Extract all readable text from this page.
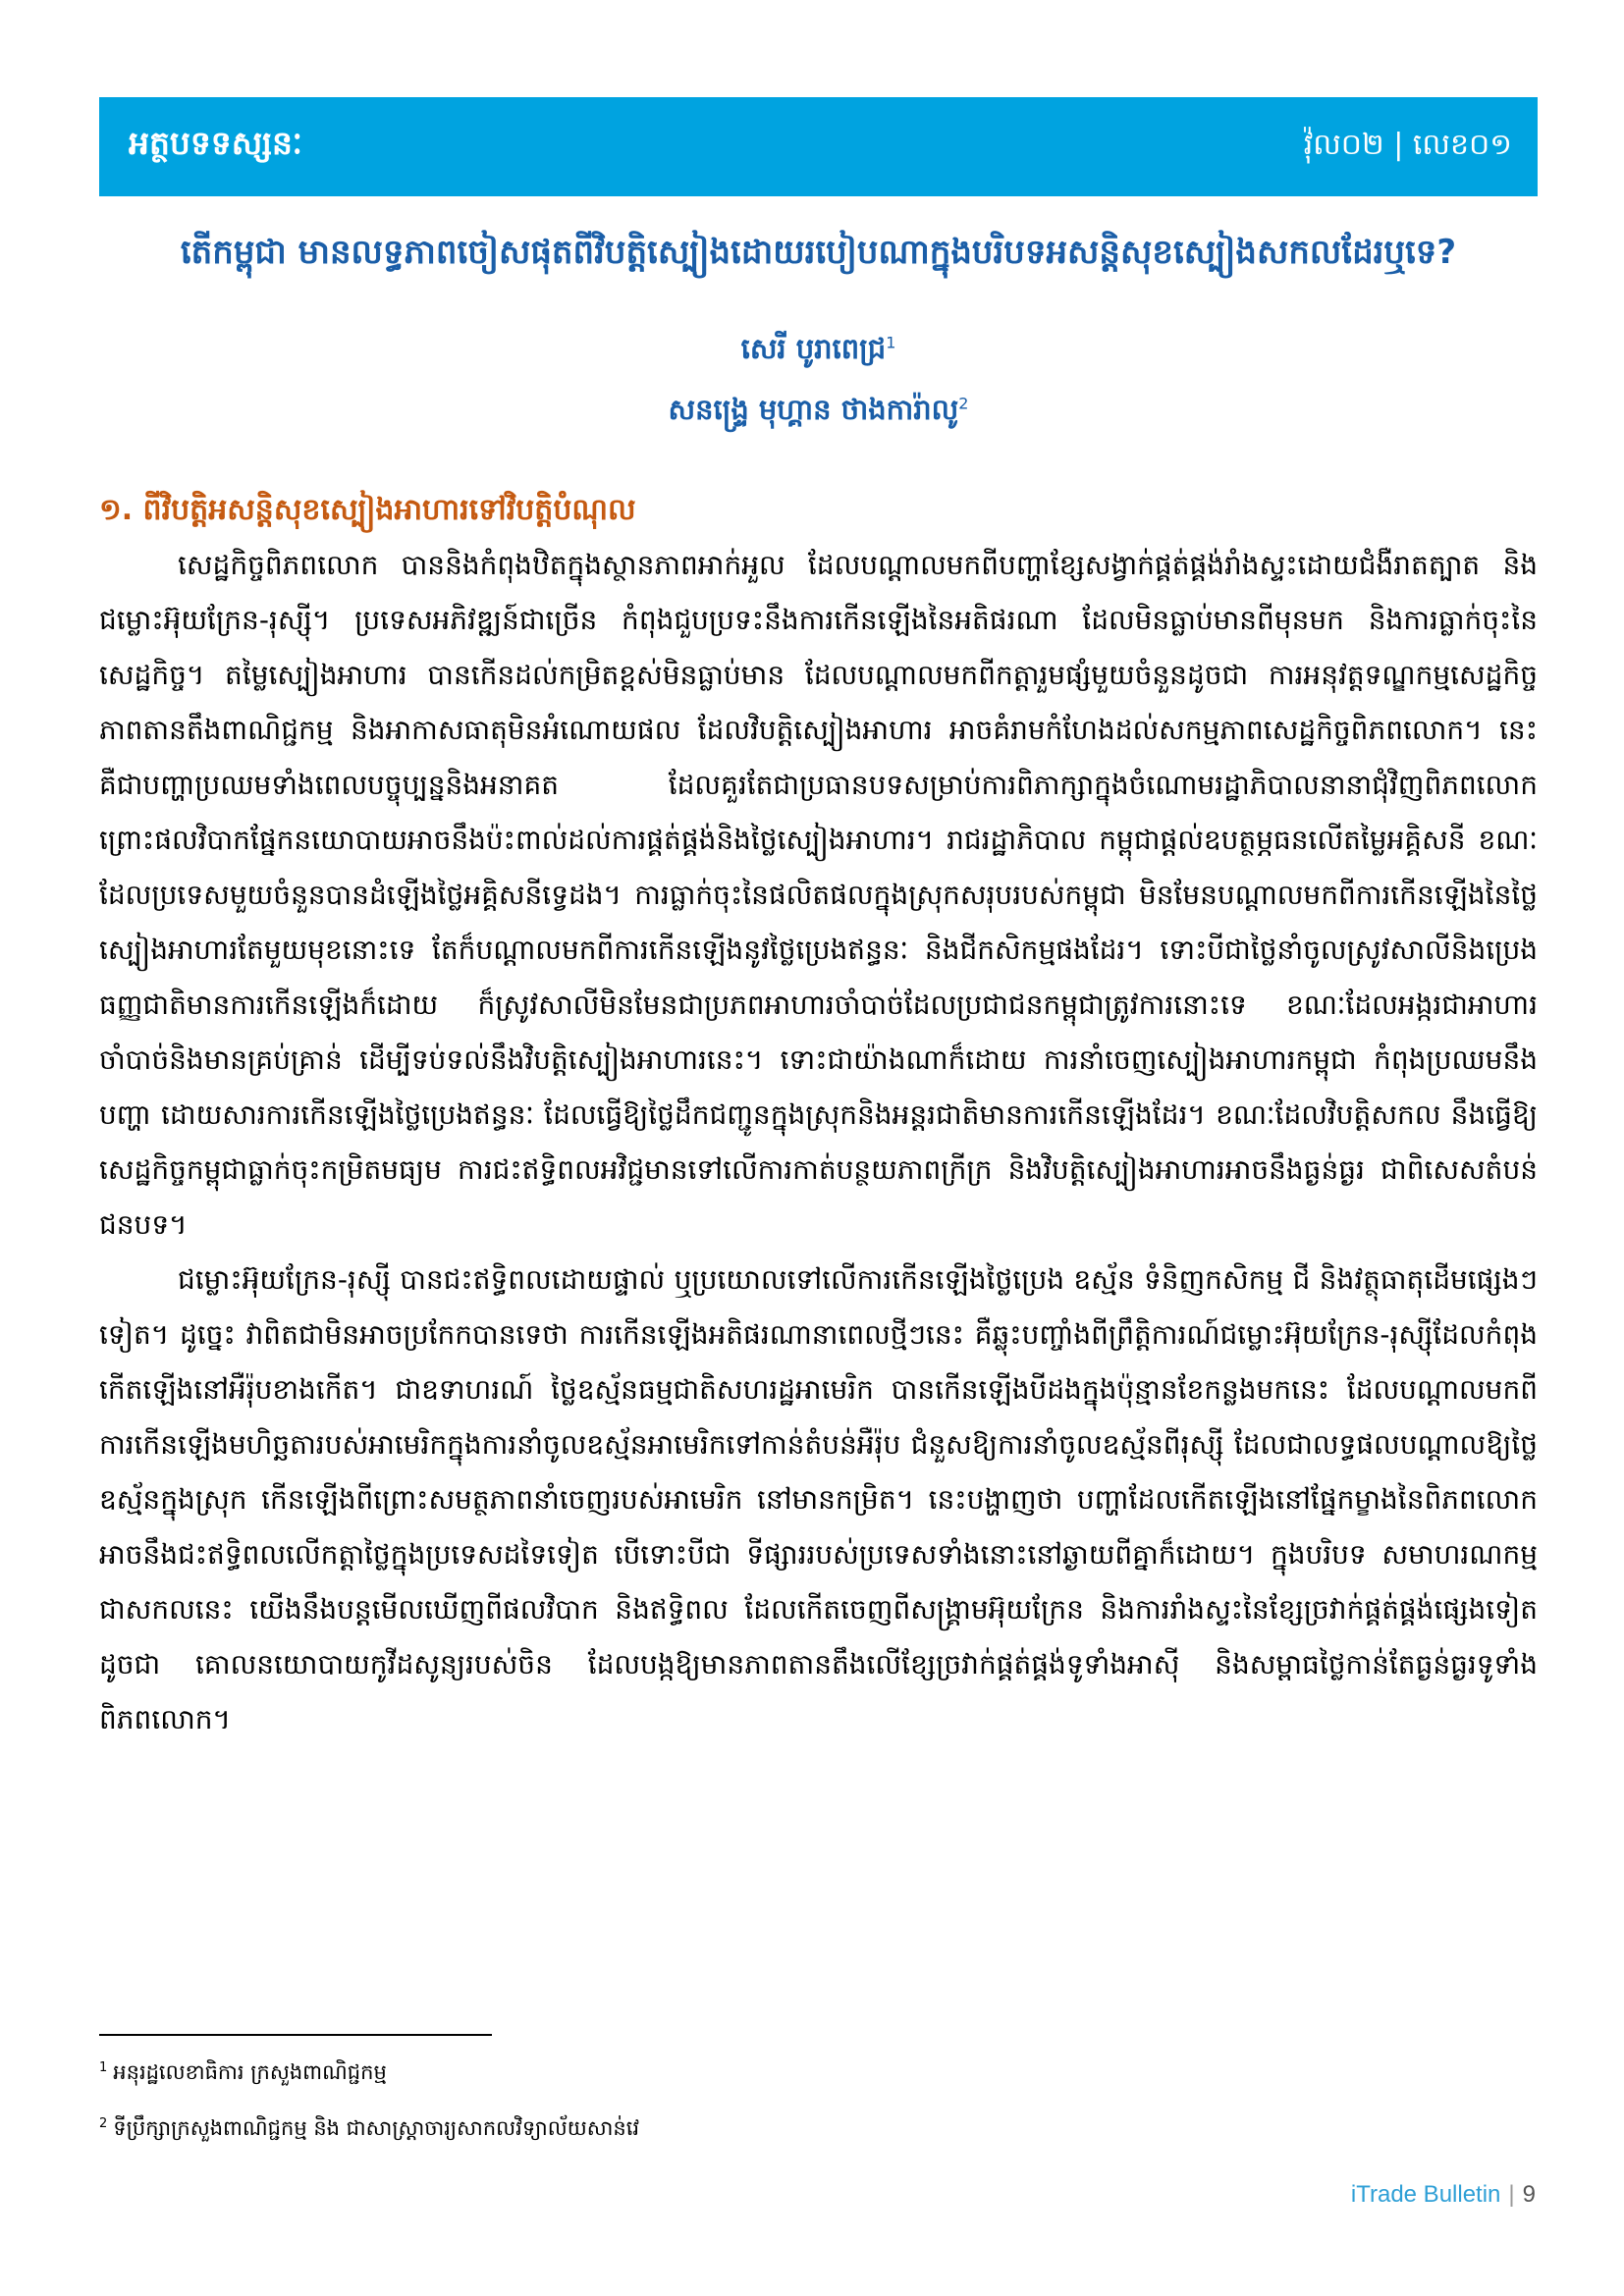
អត្ថបទទស្សនៈ	វ៉ុល០២ | លេខ០១
តើកម្ពុជា មានលទ្ធភាពចៀសផុតពីវិបត្តិស្បៀងដោយរបៀបណាក្នុងបរិបទអសន្តិសុខស្បៀងសកលដែរឬទេ?
សេរី បូរាពេជ្រ$^1$
សនង្រ្ទេ មុហ្គាន ថាងការ៉ាលូ$^2$
១. ពីវិបត្តិអសន្តិសុខស្បៀងអាហារទៅវិបត្តិបំណុល

សេដ្ឋកិច្ចពិភពលោក បាននិងកំពុងឋិតក្នុងស្ថានភាពអាក់អួល ដែលបណ្ដាលមកពីបញ្ហាខ្សែសង្វាក់ផ្គត់ផ្គង់រាំងស្ទះដោយជំងឺរាតត្បាត និងជម្លោះអ៊ុយក្រែន-រុស្ស៊ី។ ប្រទេសអភិវឌ្ឍន៍ជាច្រើន កំពុងជួបប្រទះនឹងការកើនឡើងនៃអតិផរណា ដែលមិនធ្លាប់មានពីមុនមក និងការធ្លាក់ចុះនៃសេដ្ឋកិច្ច។ តម្លៃស្បៀងអាហារ បានកើនដល់កម្រិតខ្ពស់មិនធ្លាប់មាន ដែលបណ្ដាលមកពីកត្តារួមផ្សំមួយចំនួនដូចជា ការអនុវត្តទណ្ឌកម្មសេដ្ឋកិច្ច ភាពតានតឹងពាណិជ្ជកម្ម និងអាកាសធាតុមិនអំណោយផល ដែលវិបត្តិស្បៀងអាហារ អាចគំរាមកំហែងដល់សកម្មភាពសេដ្ឋកិច្ចពិភពលោក។ នេះគឺជាបញ្ហាប្រឈមទាំងពេលបច្ចុប្បន្ននិងអនាគត ដែលគួរតែជាប្រធានបទសម្រាប់ការពិភាក្សាក្នុងចំណោមរដ្ឋាភិបាលនានាជុំវិញពិភពលោក ព្រោះផលវិបាកផ្នែកនយោបាយអាចនឹងប៉ះពាល់ដល់ការផ្គត់ផ្គង់និងថ្លៃស្បៀងអាហារ។ រាជរដ្ឋាភិបាល កម្ពុជាផ្ដល់ឧបត្ថម្ភធនលើតម្លៃអគ្គិសនី ខណៈដែលប្រទេសមួយចំនួនបានដំឡើងថ្លៃអគ្គិសនីទ្វេដង។ ការធ្លាក់ចុះនៃផលិតផលក្នុងស្រុកសរុបរបស់កម្ពុជា មិនមែនបណ្ដាលមកពីការកើនឡើងនៃថ្លៃស្បៀងអាហារតែមួយមុខនោះទេ តែក៏បណ្ដាលមកពីការកើនឡើងនូវថ្លៃប្រេងឥន្ធនៈ និងជីកសិកម្មផងដែរ។ ទោះបីជាថ្លៃនាំចូលស្រូវសាលីនិងប្រេងធញ្ញជាតិមានការកើនឡើងក៏ដោយ ក៏ស្រូវសាលីមិនមែនជាប្រភពអាហារចាំបាច់ដែលប្រជាជនកម្ពុជាត្រូវការនោះទេ ខណៈដែលអង្ករជាអាហារចាំបាច់និងមានគ្រប់គ្រាន់ ដើម្បីទប់ទល់នឹងវិបត្តិស្បៀងអាហារនេះ។ ទោះជាយ៉ាងណាក៏ដោយ ការនាំចេញស្បៀងអាហារកម្ពុជា កំពុងប្រឈមនឹងបញ្ហា ដោយសារការកើនឡើងថ្លៃប្រេងឥន្ធនៈ ដែលធ្វើឱ្យថ្លៃដឹកជញ្ជូនក្នុងស្រុកនិងអន្តរជាតិមានការកើនឡើងដែរ។ ខណៈដែលវិបត្តិសកល នឹងធ្វើឱ្យសេដ្ឋកិច្ចកម្ពុជាធ្លាក់ចុះកម្រិតមធ្យម ការជះឥទ្ធិពលអវិជ្ជមានទៅលើការកាត់បន្ថយភាពក្រីក្រ និងវិបត្តិស្បៀងអាហារអាចនឹងធ្ងន់ធ្ងរ ជាពិសេសតំបន់ជនបទ។

ជម្លោះអ៊ុយក្រែន-រុស្ស៊ី បានជះឥទ្ធិពលដោយផ្ទាល់ ឬប្រយោលទៅលើការកើនឡើងថ្លៃប្រេង ឧស្ម័ន ទំនិញកសិកម្ម ជី និងវត្ថុធាតុដើមផ្សេងៗទៀត។ ដូច្នេះ វាពិតជាមិនអាចប្រកែកបានទេថា ការកើនឡើងអតិផរណានាពេលថ្មីៗនេះ គឺឆ្លុះបញ្ចាំងពីព្រឹត្តិការណ៍ជម្លោះអ៊ុយក្រែន-រុស្ស៊ីដែលកំពុងកើតឡើងនៅអឺរ៉ុបខាងកើត។ ជាឧទាហរណ៍ ថ្លៃឧស្ម័នធម្មជាតិសហរដ្ឋអាមេរិក បានកើនឡើងបីដងក្នុងប៉ុន្មានខែកន្លងមកនេះ ដែលបណ្ដាលមកពីការកើនឡើងមហិច្ឆតារបស់អាមេរិកក្នុងការនាំចូលឧស្ម័នអាមេរិកទៅកាន់តំបន់អឺរ៉ុប ជំនួសឱ្យការនាំចូលឧស្ម័នពីរុស្ស៊ី ដែលជាលទ្ធផលបណ្ដាលឱ្យថ្លៃឧស្ម័នក្នុងស្រុក កើនឡើងពីព្រោះសមត្ថភាពនាំចេញរបស់អាមេរិក នៅមានកម្រិត។ នេះបង្ហាញថា បញ្ហាដែលកើតឡើងនៅផ្នែកម្ខាងនៃពិភពលោក អាចនឹងជះឥទ្ធិពលលើកត្តាថ្លៃក្នុងប្រទេសដទៃទៀត បើទោះបីជា ទីផ្សាររបស់ប្រទេសទាំងនោះនៅឆ្ងាយពីគ្នាក៏ដោយ។ ក្នុងបរិបទ សមាហរណកម្មជាសកលនេះ យើងនឹងបន្តមើលឃើញពីផលវិបាក និងឥទ្ធិពល ដែលកើតចេញពីសង្គ្រាមអ៊ុយក្រែន និងការរាំងស្ទះនៃខ្សែច្រវាក់ផ្គត់ផ្គង់ផ្សេងទៀត ដូចជា គោលនយោបាយកូវីដសូន្យរបស់ចិន ដែលបង្កឱ្យមានភាពតានតឹងលើខ្សែច្រវាក់ផ្គត់ផ្គង់ទូទាំងអាស៊ី និងសម្ពាធថ្លៃកាន់តែធ្ងន់ធ្ងរទូទាំងពិភពលោក។

$^1$ អនុរដ្ឋលេខាធិការ ក្រសួងពាណិជ្ជកម្ម
$^2$ ទីប្រឹក្សាក្រសួងពាណិជ្ជកម្ម និង ជាសាស្ត្រាចារ្យសាកលវិទ្យាល័យសាន់វេ
iTrade Bulletin | 9
